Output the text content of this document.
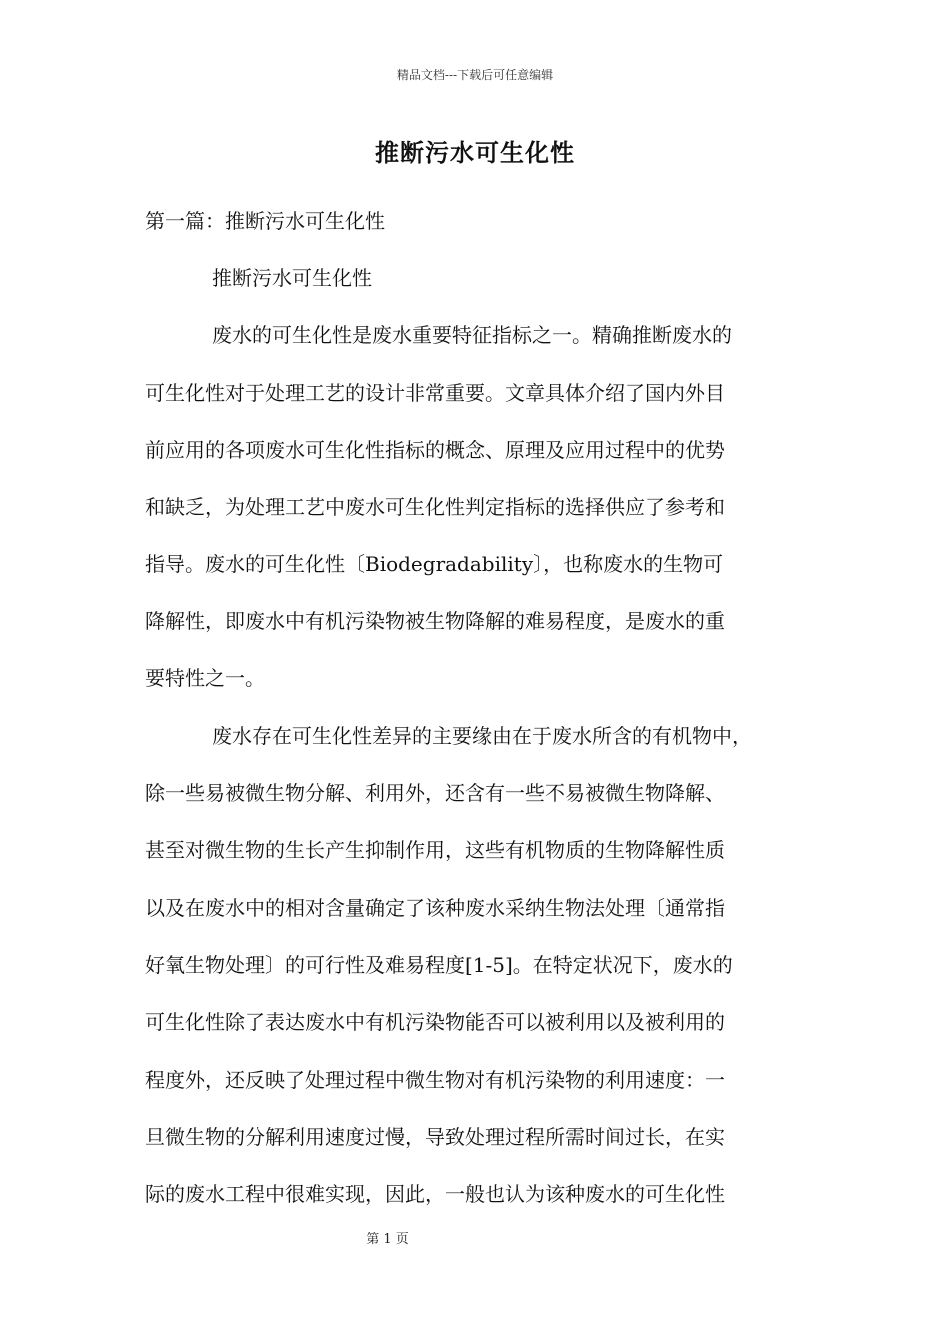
精品文档---下载后可任意编辑
推断污水可生化性
第一篇：推断污水可生化性
推断污水可生化性
废水的可生化性是废水重要特征指标之一。精确推断废水的
可生化性对于处理工艺的设计非常重要。文章具体介绍了国内外目
前应用的各项废水可生化性指标的概念、原理及应用过程中的优势
和缺乏，为处理工艺中废水可生化性判定指标的选择供应了参考和
指导。废水的可生化性〔Biodegradability〕，也称废水的生物可
降解性，即废水中有机污染物被生物降解的难易程度，是废水的重
要特性之一。
废水存在可生化性差异的主要缘由在于废水所含的有机物中，
除一些易被微生物分解、利用外，还含有一些不易被微生物降解、
甚至对微生物的生长产生抑制作用，这些有机物质的生物降解性质
以及在废水中的相对含量确定了该种废水采纳生物法处理〔通常指
好氧生物处理〕的可行性及难易程度[1-5]。在特定状况下，废水的
可生化性除了表达废水中有机污染物能否可以被利用以及被利用的
程度外，还反映了处理过程中微生物对有机污染物的利用速度：一
旦微生物的分解利用速度过慢，导致处理过程所需时间过长，在实
际的废水工程中很难实现，因此，一般也认为该种废水的可生化性
第 1 页
